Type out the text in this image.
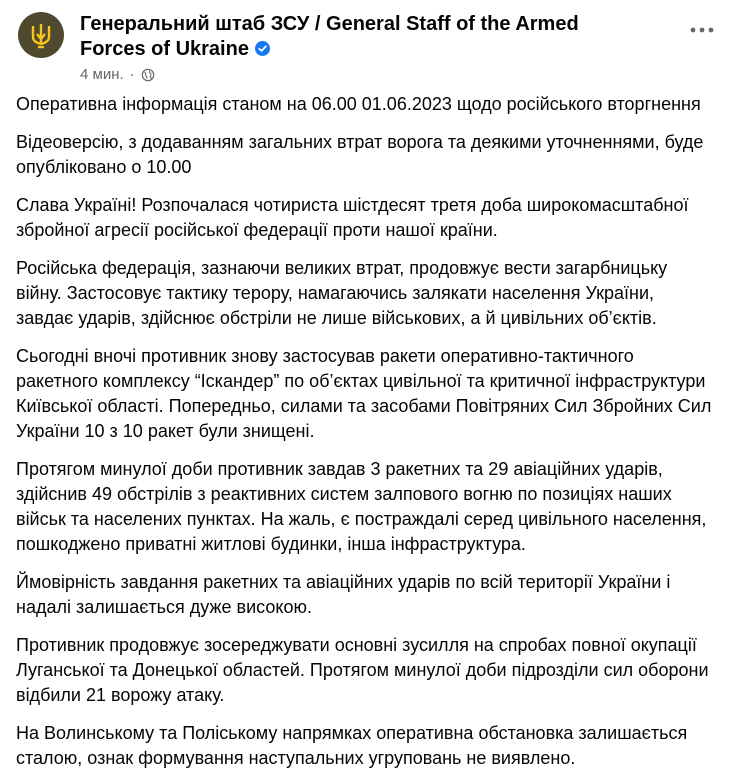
Генеральний штаб ЗСУ / General Staff of the Armed Forces of Ukraine
4 мин. ·

Оперативна інформація станом на 06.00 01.06.2023 щодо російського вторгнення

Відеоверсію, з додаванням загальних втрат ворога та деякими уточненнями, буде опубліковано о 10.00

Слава Україні! Розпочалася чотириста шістдесят третя доба широкомасштабної збройної агресії російської федерації проти нашої країни.

Російська федерація, зазнаючи великих втрат, продовжує вести загарбницьку війну. Застосовує тактику терору, намагаючись залякати населення України, завдає ударів, здійснює обстріли не лише військових, а й цивільних об’єктів.

Сьогодні вночі противник знову застосував ракети оперативно-тактичного ракетного комплексу “Іскандер” по об’єктах цивільної та критичної інфраструктури Київської області. Попередньо, силами та засобами Повітряних Сил Збройних Сил України 10 з 10 ракет були знищені.

Протягом минулої доби противник завдав 3 ракетних та 29 авіаційних ударів, здійснив 49 обстрілів з реактивних систем залпового вогню по позиціях наших військ та населених пунктах. На жаль, є постраждалі серед цивільного населення, пошкоджено приватні житлові будинки, інша інфраструктура.

Ймовірність завдання ракетних та авіаційних ударів по всій території України і надалі залишається дуже високою.

Противник продовжує зосереджувати основні зусилля на спробах повної окупації Луганської та Донецької областей. Протягом минулої доби підрозділи сил оборони відбили 21 ворожу атаку.

На Волинському та Поліському напрямках оперативна обстановка залишається сталою, ознак формування наступальних угруповань не виявлено.
